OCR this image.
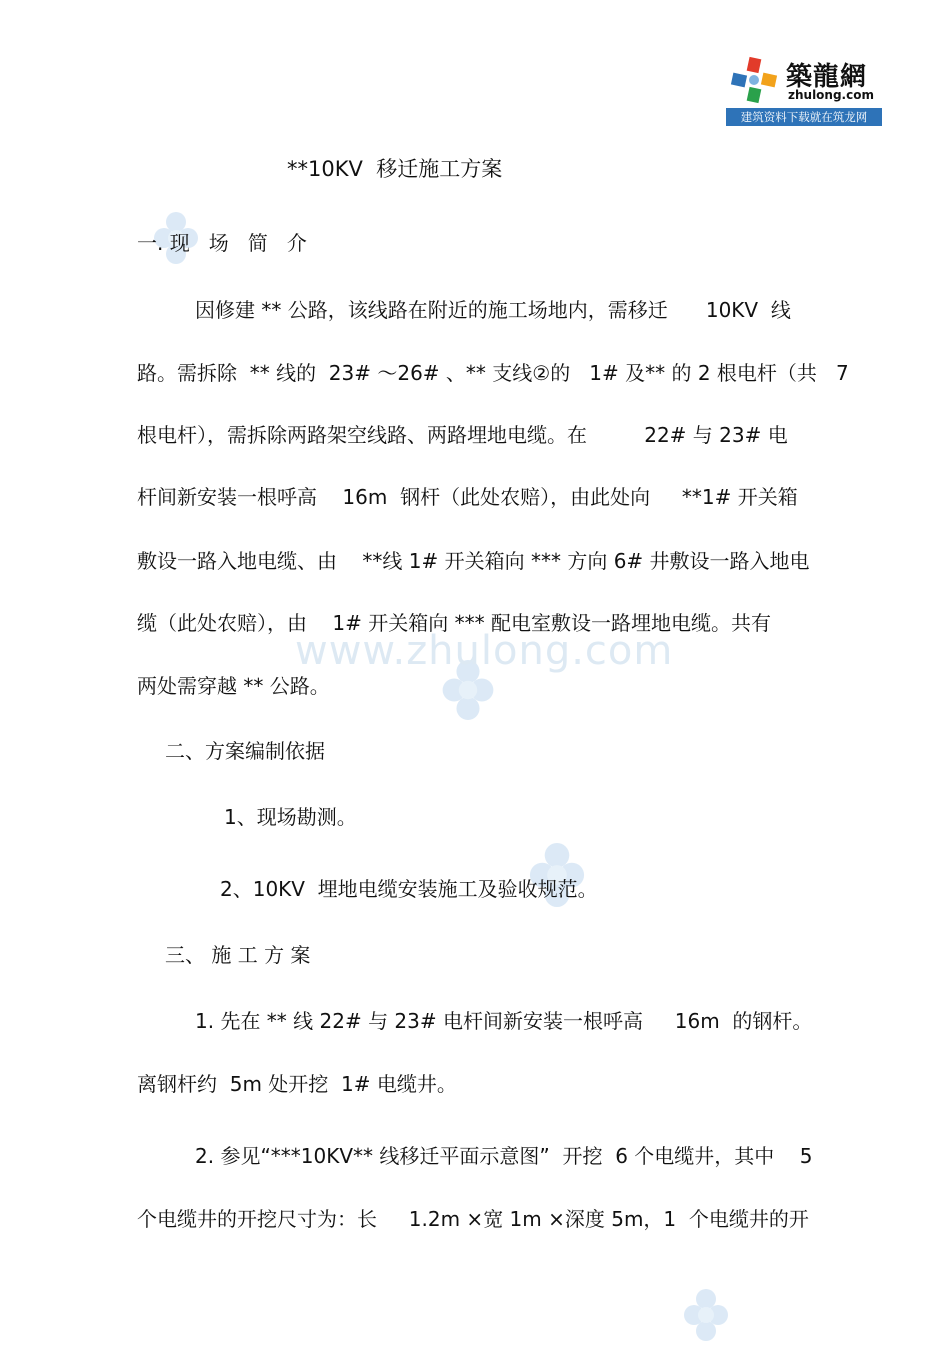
築龍網
zhulong.com
建筑资料下载就在筑龙网
www.zhulong.com
**10KV  移迁施工方案
一. 现   场   简   介
因修建 ** 公路，该线路在附近的施工场地内，需移迁      10KV  线
路。需拆除  ** 线的  23# ～26# 、** 支线②的   1# 及** 的 2 根电杆（共   7
根电杆），需拆除两路架空线路、两路埋地电缆。在         22# 与 23# 电
杆间新安装一根呼高    16m  钢杆（此处农赔），由此处向     **1# 开关箱
敷设一路入地电缆、由    **线 1# 开关箱向 *** 方向 6# 井敷设一路入地电
缆（此处农赔），由    1# 开关箱向 *** 配电室敷设一路埋地电缆。共有
两处需穿越 ** 公路。
二、方案编制依据
1、现场勘测。
2、10KV  埋地电缆安装施工及验收规范。
三、 施 工 方 案
1. 先在 ** 线 22# 与 23# 电杆间新安装一根呼高     16m  的钢杆。
离钢杆约  5m 处开挖  1# 电缆井。
2. 参见“***10KV** 线移迁平面示意图”  开挖  6 个电缆井，其中    5
个电缆井的开挖尺寸为：长     1.2m ×宽 1m ×深度 5m，1  个电缆井的开
